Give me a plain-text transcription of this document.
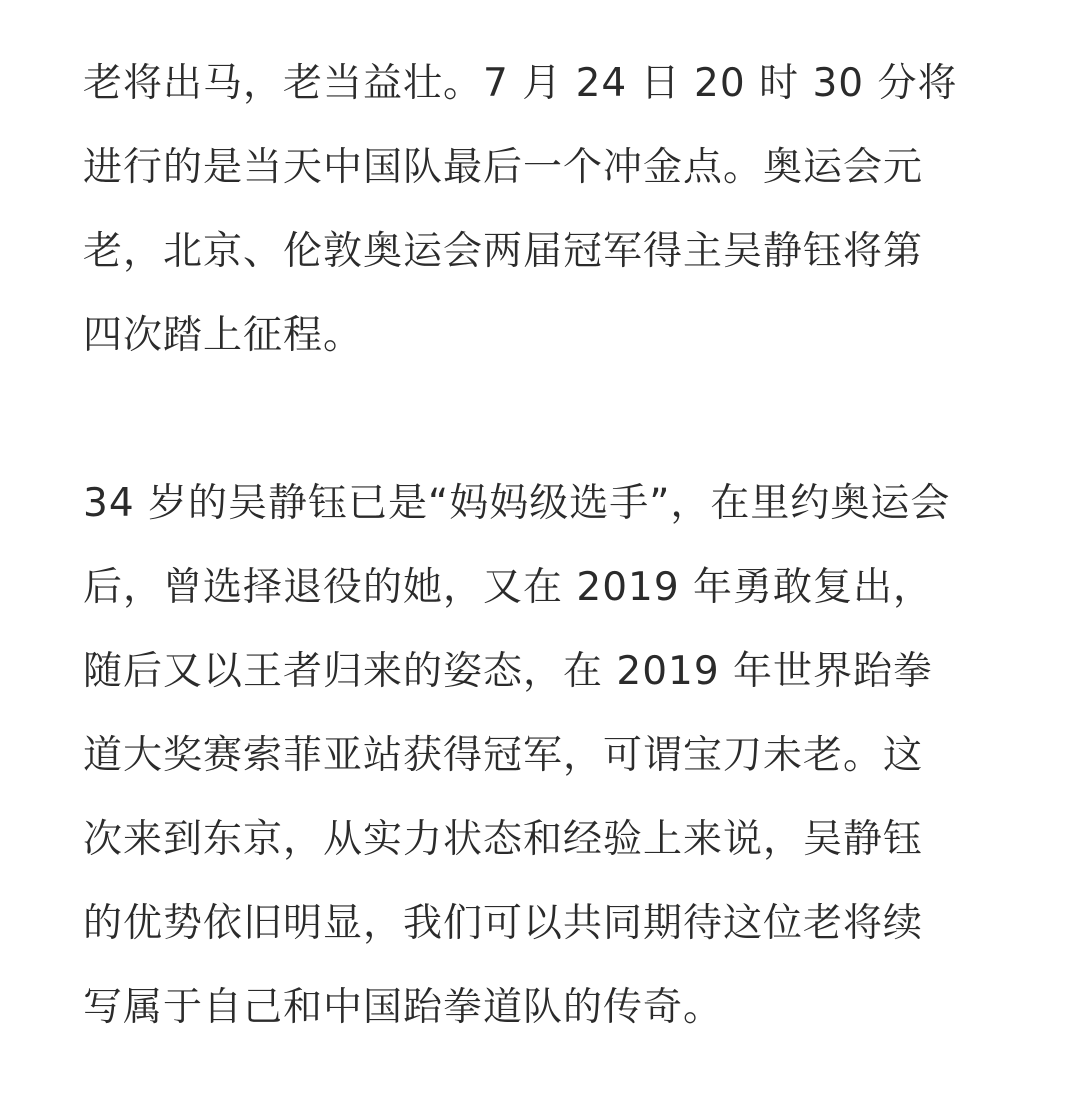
老将出马，老当益壮。7 月 24 日 20 时 30 分将
进行的是当天中国队最后一个冲金点。奥运会元
老，北京、伦敦奥运会两届冠军得主吴静钰将第
四次踏上征程。

34 岁的吴静钰已是“妈妈级选手”，在里约奥运会
后，曾选择退役的她，又在 2019 年勇敢复出，
随后又以王者归来的姿态，在 2019 年世界跆拳
道大奖赛索菲亚站获得冠军，可谓宝刀未老。这
次来到东京，从实力状态和经验上来说，吴静钰
的优势依旧明显，我们可以共同期待这位老将续
写属于自己和中国跆拳道队的传奇。
